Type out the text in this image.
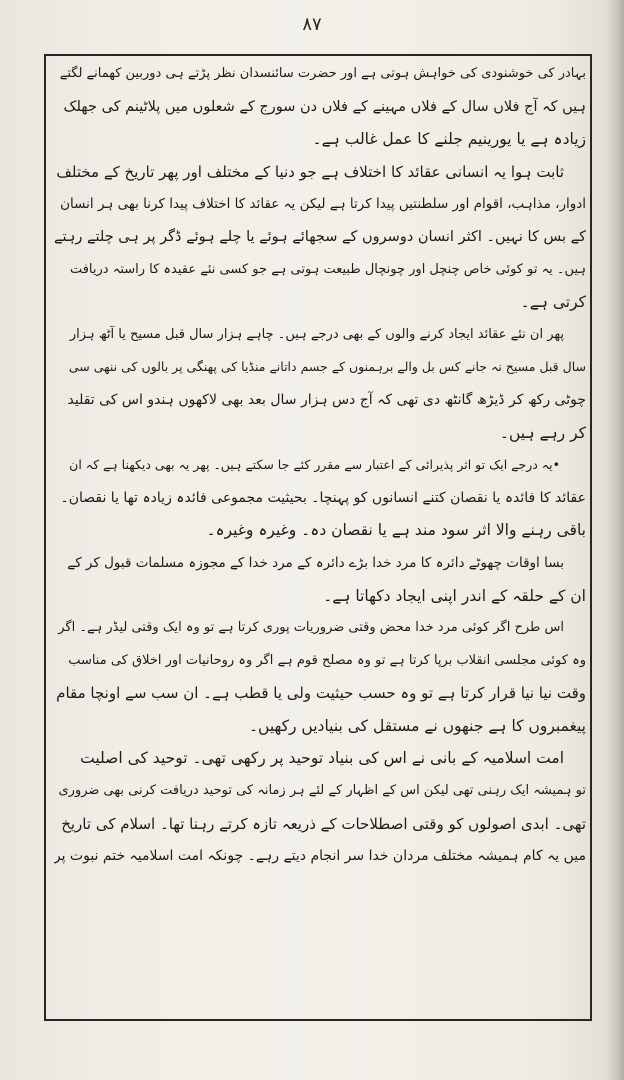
۸۷
بہادر کی خوشنودی کی خواہش ہوتی ہے اور حضرت سائنسدان نظر پڑتے ہی دوربین کھمانے لگتے
ہیں کہ آج فلاں سال کے فلاں مہینے کے فلاں دن سورج کے شعلوں میں پلاٹینم کی جھلک
زیادہ ہے یا یورینیم جلنے کا عمل غالب ہے۔
ثابت ہوا یہ انسانی عقائد کا اختلاف ہے جو دنیا کے مختلف اور پھر تاریخ کے مختلف
ادوار، مذاہب، اقوام اور سلطنتیں پیدا کرتا ہے لیکن یہ عقائد کا اختلاف پیدا کرنا بھی ہر انسان
کے بس کا نہیں۔ اکثر انسان دوسروں کے سجھائے ہوئے یا چلے ہوئے ڈگر پر ہی چلتے رہتے
ہیں۔ یہ تو کوئی خاص چنچل اور چونچال طبیعت ہوتی ہے جو کسی نئے عقیدہ کا راستہ دریافت
کرتی ہے۔
پھر ان نئے عقائد ایجاد کرنے والوں کے بھی درجے ہیں۔ چاہے ہزار سال قبل مسیح یا آٹھ ہزار
سال قبل مسیح نہ جانے کس بل والے برہمنوں کے جسم داتانے منڈیا کی پھنگی پر بالوں کی ننھی سی
چوٹی رکھ کر ڈیڑھ گانٹھ دی تھی کہ آج دس ہزار سال بعد بھی لاکھوں ہندو اس کی تقلید
کر رہے ہیں۔
•یہ درجے ایک تو اثر پذیرائی کے اعتبار سے مقرر کئے جا سکتے ہیں۔ پھر یہ بھی دیکھنا ہے کہ ان
عقائد کا فائدہ یا نقصان کتنے انسانوں کو پہنچا۔ بحیثیت مجموعی فائدہ زیادہ تھا یا نقصان۔
باقی رہنے والا اثر سود مند ہے یا نقصان دہ۔ وغیرہ وغیرہ۔
بسا اوقات چھوٹے دائرہ کا مرد خدا بڑے دائرہ کے مرد خدا کے مجوزہ مسلمات قبول کر کے
ان کے حلقہ کے اندر اپنی ایجاد دکھاتا ہے۔
اس طرح اگر کوئی مرد خدا محض وقتی ضروریات پوری کرتا ہے تو وہ ایک وقتی لیڈر ہے۔ اگر
وہ کوئی مجلسی انقلاب برپا کرتا ہے تو وہ مصلح قوم ہے اگر وہ روحانیات اور اخلاق کی مناسب
وقت نیا نیا قرار کرتا ہے تو وہ حسب حیثیت ولی یا قطب ہے۔ ان سب سے اونچا مقام
پیغمبروں کا ہے جنھوں نے مستقل کی بنیادیں رکھیں۔
امت اسلامیہ کے بانی نے اس کی بنیاد توحید پر رکھی تھی۔ توحید کی اصلیت
تو ہمیشہ ایک رہنی تھی لیکن اس کے اظہار کے لئے ہر زمانہ کی توحید دریافت کرنی بھی ضروری
تھی۔ ابدی اصولوں کو وقتی اصطلاحات کے ذریعہ تازہ کرتے رہنا تھا۔ اسلام کی تاریخ
میں یہ کام ہمیشہ مختلف مردان خدا سر انجام دیتے رہے۔ چونکہ امت اسلامیہ ختم نبوت پر
